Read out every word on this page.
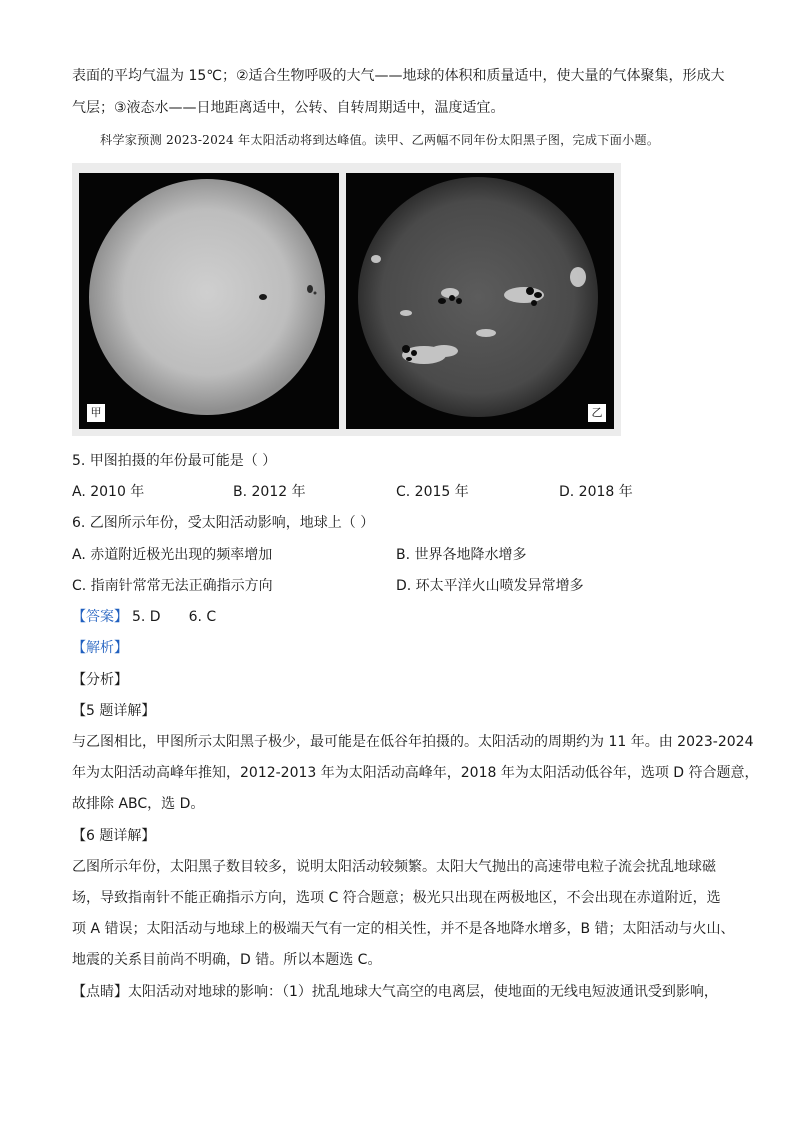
表面的平均气温为 15℃；②适合生物呼吸的大气——地球的体积和质量适中，使大量的气体聚集，形成大
气层；③液态水——日地距离适中，公转、自转周期适中，温度适宜。
科学家预测 2023-2024 年太阳活动将到达峰值。读甲、乙两幅不同年份太阳黑子图，完成下面小题。
甲	乙
5. 甲图拍摄的年份最可能是（ ）
A. 2010 年	B. 2012 年	C. 2015 年	D. 2018 年
6. 乙图所示年份，受太阳活动影响，地球上（ ）
A. 赤道附近极光出现的频率增加	B. 世界各地降水增多
C. 指南针常常无法正确指示方向	D. 环太平洋火山喷发异常增多
【答案】 5. D 6. C
【解析】
【分析】
【5 题详解】
与乙图相比，甲图所示太阳黑子极少，最可能是在低谷年拍摄的。太阳活动的周期约为 11 年。由 2023-2024
年为太阳活动高峰年推知，2012-2013 年为太阳活动高峰年，2018 年为太阳活动低谷年，选项 D 符合题意，
故排除 ABC，选 D。
【6 题详解】
乙图所示年份，太阳黑子数目较多，说明太阳活动较频繁。太阳大气抛出的高速带电粒子流会扰乱地球磁
场，导致指南针不能正确指示方向，选项 C 符合题意；极光只出现在两极地区，不会出现在赤道附近，选
项 A 错误；太阳活动与地球上的极端天气有一定的相关性，并不是各地降水增多，B 错；太阳活动与火山、
地震的关系目前尚不明确，D 错。所以本题选 C。
【点睛】太阳活动对地球的影响：（1）扰乱地球大气高空的电离层，使地面的无线电短波通讯受到影响，
